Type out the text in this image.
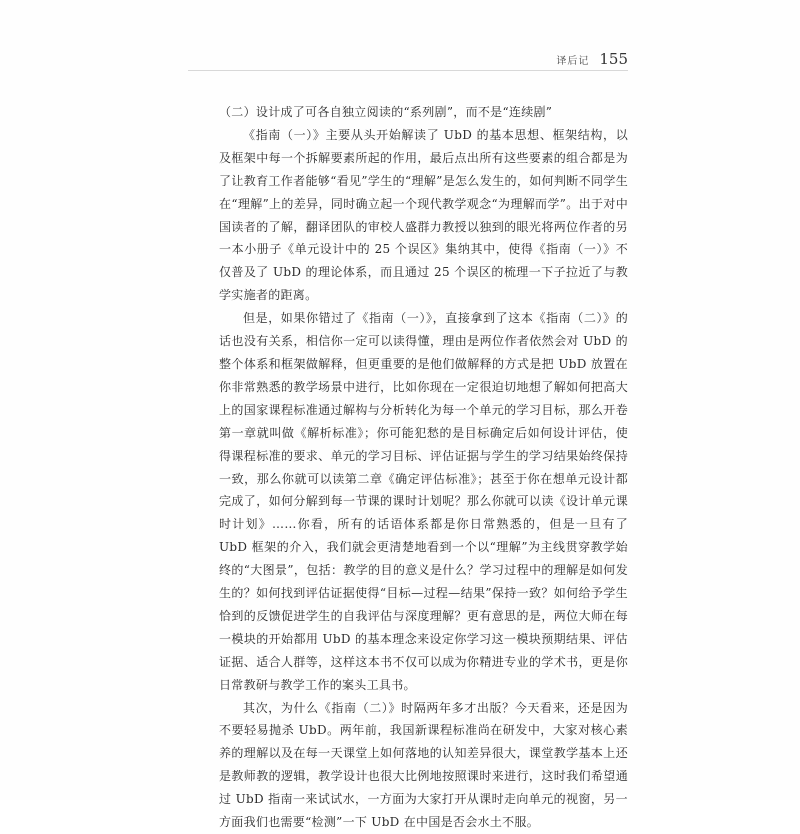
译后记 155

（二）设计成了可各自独立阅读的“系列剧”，而不是“连续剧”

《指南（一）》主要从头开始解读了 UbD 的基本思想、框架结构，以及框架中每一个拆解要素所起的作用，最后点出所有这些要素的组合都是为了让教育工作者能够“看见”学生的“理解”是怎么发生的，如何判断不同学生在“理解”上的差异，同时确立起一个现代教学观念“为理解而学”。出于对中国读者的了解，翻译团队的审校人盛群力教授以独到的眼光将两位作者的另一本小册子《单元设计中的 25 个误区》集纳其中，使得《指南（一）》不仅普及了 UbD 的理论体系，而且通过 25 个误区的梳理一下子拉近了与教学实施者的距离。

但是，如果你错过了《指南（一）》，直接拿到了这本《指南（二）》的话也没有关系，相信你一定可以读得懂，理由是两位作者依然会对 UbD 的整个体系和框架做解释，但更重要的是他们做解释的方式是把 UbD 放置在你非常熟悉的教学场景中进行，比如你现在一定很迫切地想了解如何把高大上的国家课程标准通过解构与分析转化为每一个单元的学习目标，那么开卷第一章就叫做《解析标准》；你可能犯愁的是目标确定后如何设计评估，使得课程标准的要求、单元的学习目标、评估证据与学生的学习结果始终保持一致，那么你就可以读第二章《确定评估标准》；甚至于你在想单元设计都完成了，如何分解到每一节课的课时计划呢？那么你就可以读《设计单元课时计划》……你看，所有的话语体系都是你日常熟悉的，但是一旦有了 UbD 框架的介入，我们就会更清楚地看到一个以“理解”为主线贯穿教学始终的“大图景”，包括：教学的目的意义是什么？学习过程中的理解是如何发生的？如何找到评估证据使得“目标—过程—结果”保持一致？如何给予学生恰到的反馈促进学生的自我评估与深度理解？更有意思的是，两位大师在每一模块的开始都用 UbD 的基本理念来设定你学习这一模块预期结果、评估证据、适合人群等，这样这本书不仅可以成为你精进专业的学术书，更是你日常教研与教学工作的案头工具书。

其次，为什么《指南（二）》时隔两年多才出版？今天看来，还是因为不要轻易抛杀 UbD。两年前，我国新课程标准尚在研发中，大家对核心素养的理解以及在每一天课堂上如何落地的认知差异很大，课堂教学基本上还是教师教的逻辑，教学设计也很大比例地按照课时来进行，这时我们希望通过 UbD 指南一来试试水，一方面为大家打开从课时走向单元的视窗，另一方面我们也需要“检测”一下 UbD 在中国是否会水土不服。
